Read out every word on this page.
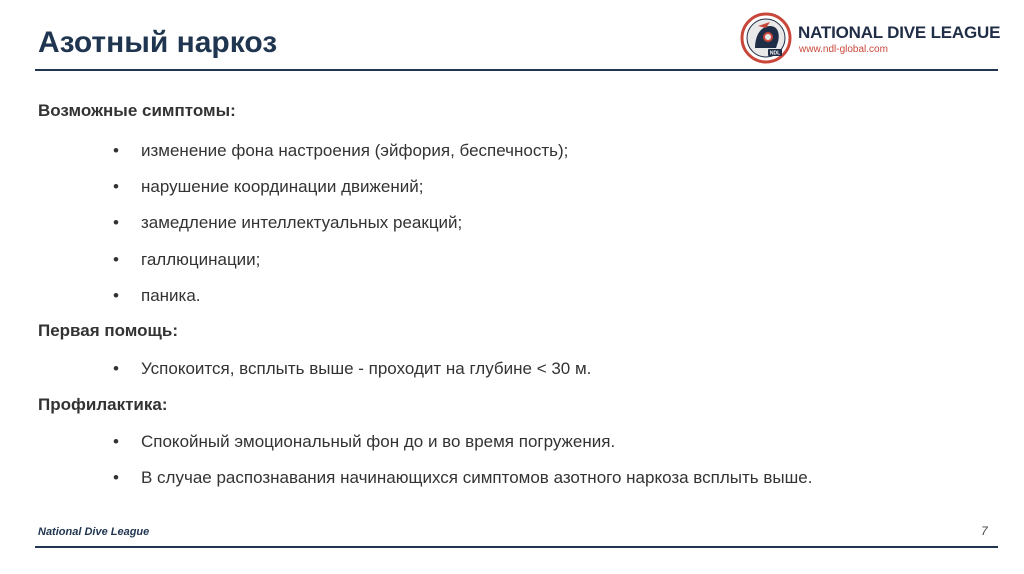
Азотный наркоз	NDL
NATIONAL DIVE LEAGUE
www.ndl-global.com
Возможные симптомы:
• изменение фона настроения (эйфория, беспечность);
• нарушение координации движений;
• замедление интеллектуальных реакций;
• галлюцинации;
• паника.
Первая помощь:
• Успокоится, всплыть выше - проходит на глубине < 30 м.
Профилактика:
• Спокойный эмоциональный фон до и во время погружения.
• В случае распознавания начинающихся симптомов азотного наркоза всплыть выше.
National Dive League	7
